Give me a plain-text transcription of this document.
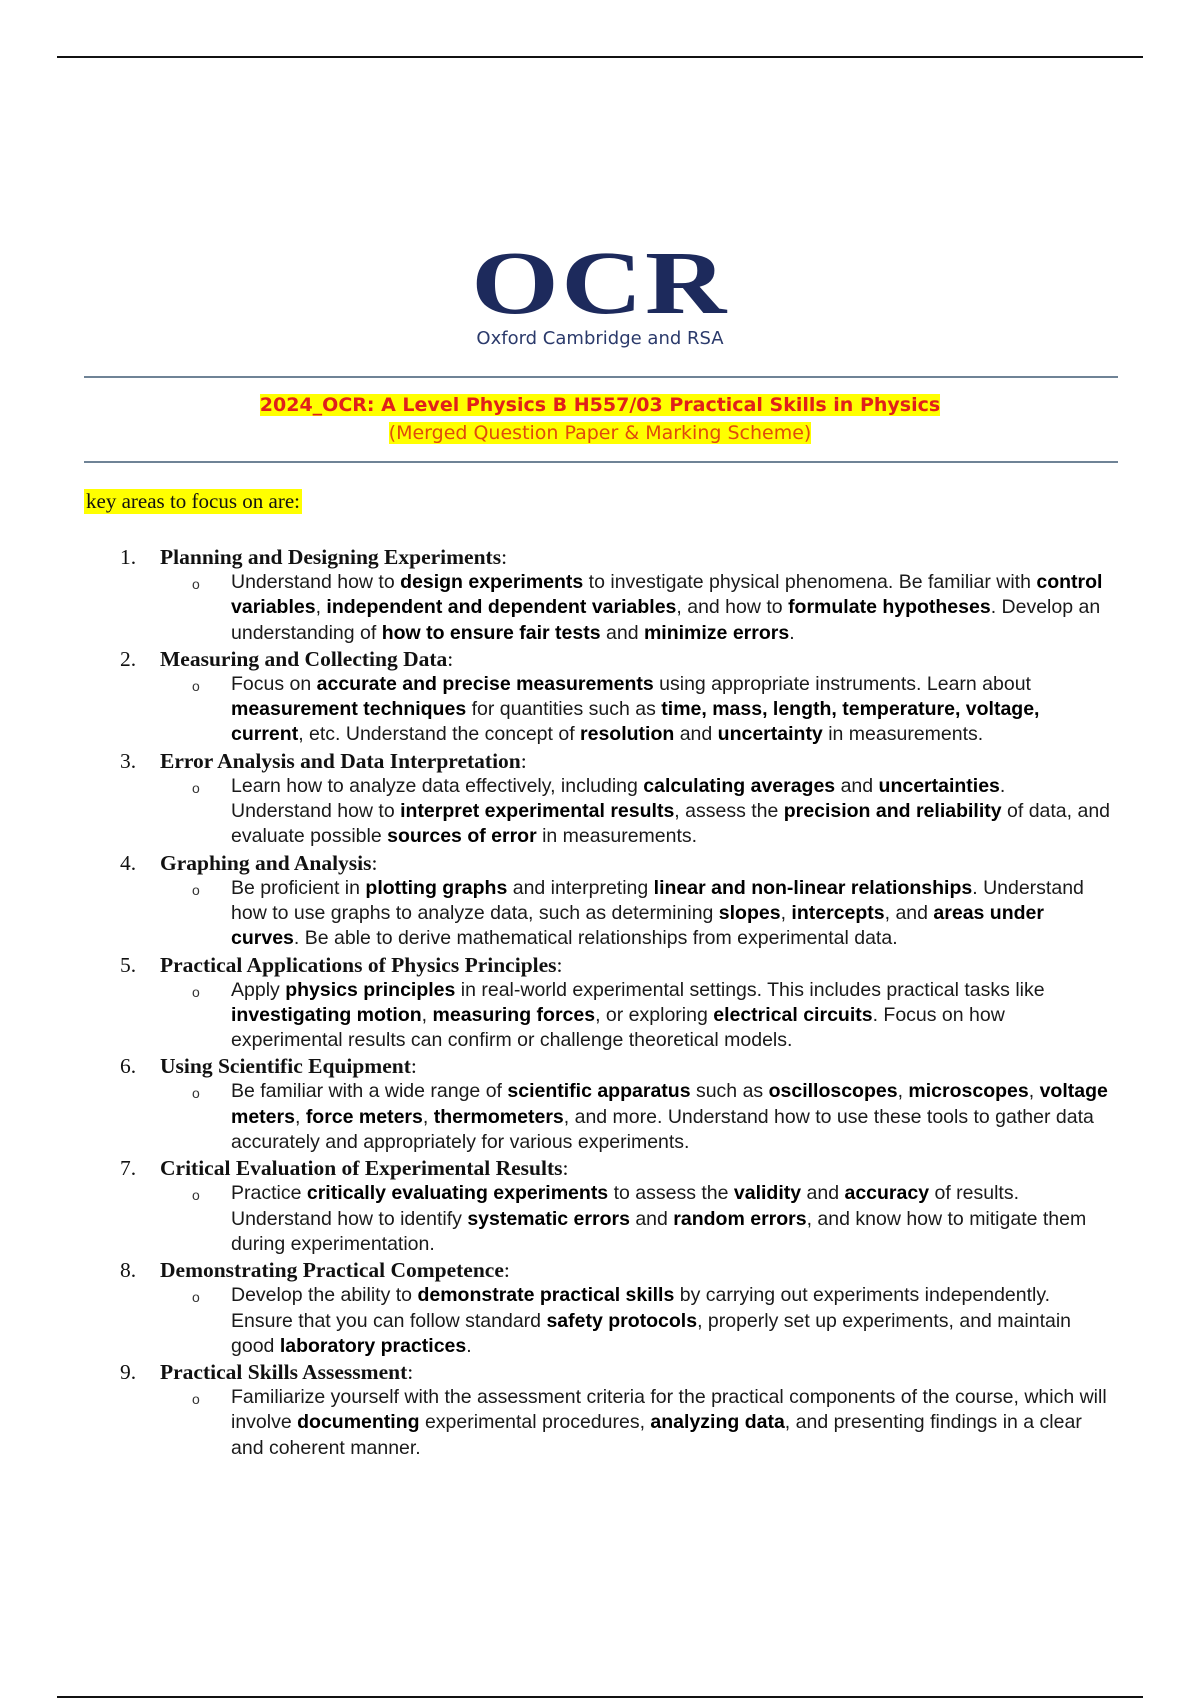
OCR
Oxford Cambridge and RSA
2024_OCR: A Level Physics B H557/03 Practical Skills in Physics
(Merged Question Paper & Marking Scheme)
key areas to focus on are:
1.	Planning and Designing Experiments:
o	Understand how to design experiments to investigate physical phenomena. Be familiar with control variables, independent and dependent variables, and how to formulate hypotheses. Develop an understanding of how to ensure fair tests and minimize errors.
2.	Measuring and Collecting Data:
o	Focus on accurate and precise measurements using appropriate instruments. Learn about measurement techniques for quantities such as time, mass, length, temperature, voltage, current, etc. Understand the concept of resolution and uncertainty in measurements.
3.	Error Analysis and Data Interpretation:
o	Learn how to analyze data effectively, including calculating averages and uncertainties. Understand how to interpret experimental results, assess the precision and reliability of data, and evaluate possible sources of error in measurements.
4.	Graphing and Analysis:
o	Be proficient in plotting graphs and interpreting linear and non-linear relationships. Understand how to use graphs to analyze data, such as determining slopes, intercepts, and areas under curves. Be able to derive mathematical relationships from experimental data.
5.	Practical Applications of Physics Principles:
o	Apply physics principles in real-world experimental settings. This includes practical tasks like investigating motion, measuring forces, or exploring electrical circuits. Focus on how experimental results can confirm or challenge theoretical models.
6.	Using Scientific Equipment:
o	Be familiar with a wide range of scientific apparatus such as oscilloscopes, microscopes, voltage meters, force meters, thermometers, and more. Understand how to use these tools to gather data accurately and appropriately for various experiments.
7.	Critical Evaluation of Experimental Results:
o	Practice critically evaluating experiments to assess the validity and accuracy of results. Understand how to identify systematic errors and random errors, and know how to mitigate them during experimentation.
8.	Demonstrating Practical Competence:
o	Develop the ability to demonstrate practical skills by carrying out experiments independently. Ensure that you can follow standard safety protocols, properly set up experiments, and maintain good laboratory practices.
9.	Practical Skills Assessment:
o	Familiarize yourself with the assessment criteria for the practical components of the course, which will involve documenting experimental procedures, analyzing data, and presenting findings in a clear and coherent manner.
